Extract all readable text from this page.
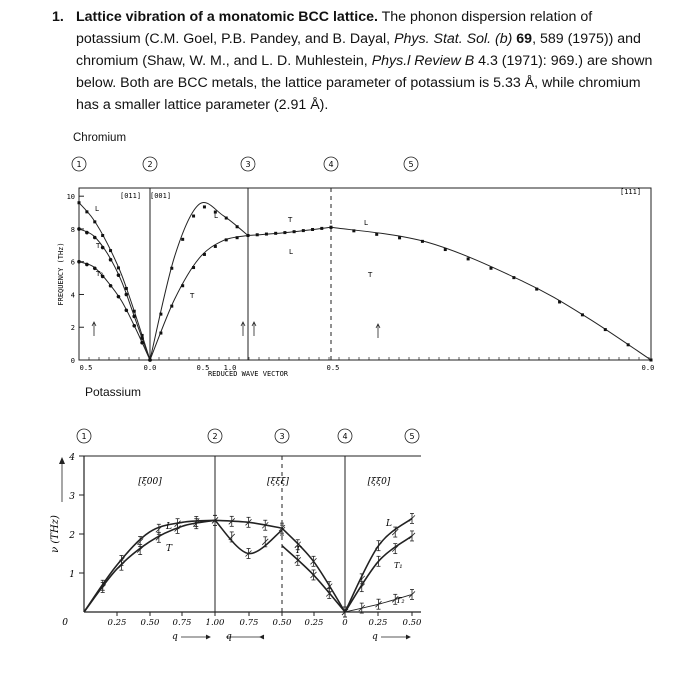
1. Lattice vibration of a monatomic BCC lattice. The phonon dispersion relation of potassium (C.M. Goel, P.B. Pandey, and B. Dayal, Phys. Stat. Sol. (b) 69, 589 (1975)) and chromium (Shaw, W. M., and L. D. Muhlestein, Phys.l Review B 4.3 (1971): 969.) are shown below. Both are BCC metals, the lattice parameter of potassium is 5.33 Å, while chromium has a smaller lattice parameter (2.91 Å).
Chromium
Potassium
10
8
6
4
2
0
0.5	0.0	0.5 1.0	0.5	0.0
REDUCED WAVE VECTOR
FREQUENCY (THz)
1	2	3	4	5
[011] [001]	[111]
L
T₁
T₂
L
T
T
L
L
T
4
3
2
1
0	0.25 0.50 0.75 1.00 0.75 0.50 0.25 0 0.25 0.50
q	q	q
ν (THz)
1	2	3	4	5
[ξ00]	[ξξξ]	[ξξ0]
L
T	T
L
T₁
T₂
